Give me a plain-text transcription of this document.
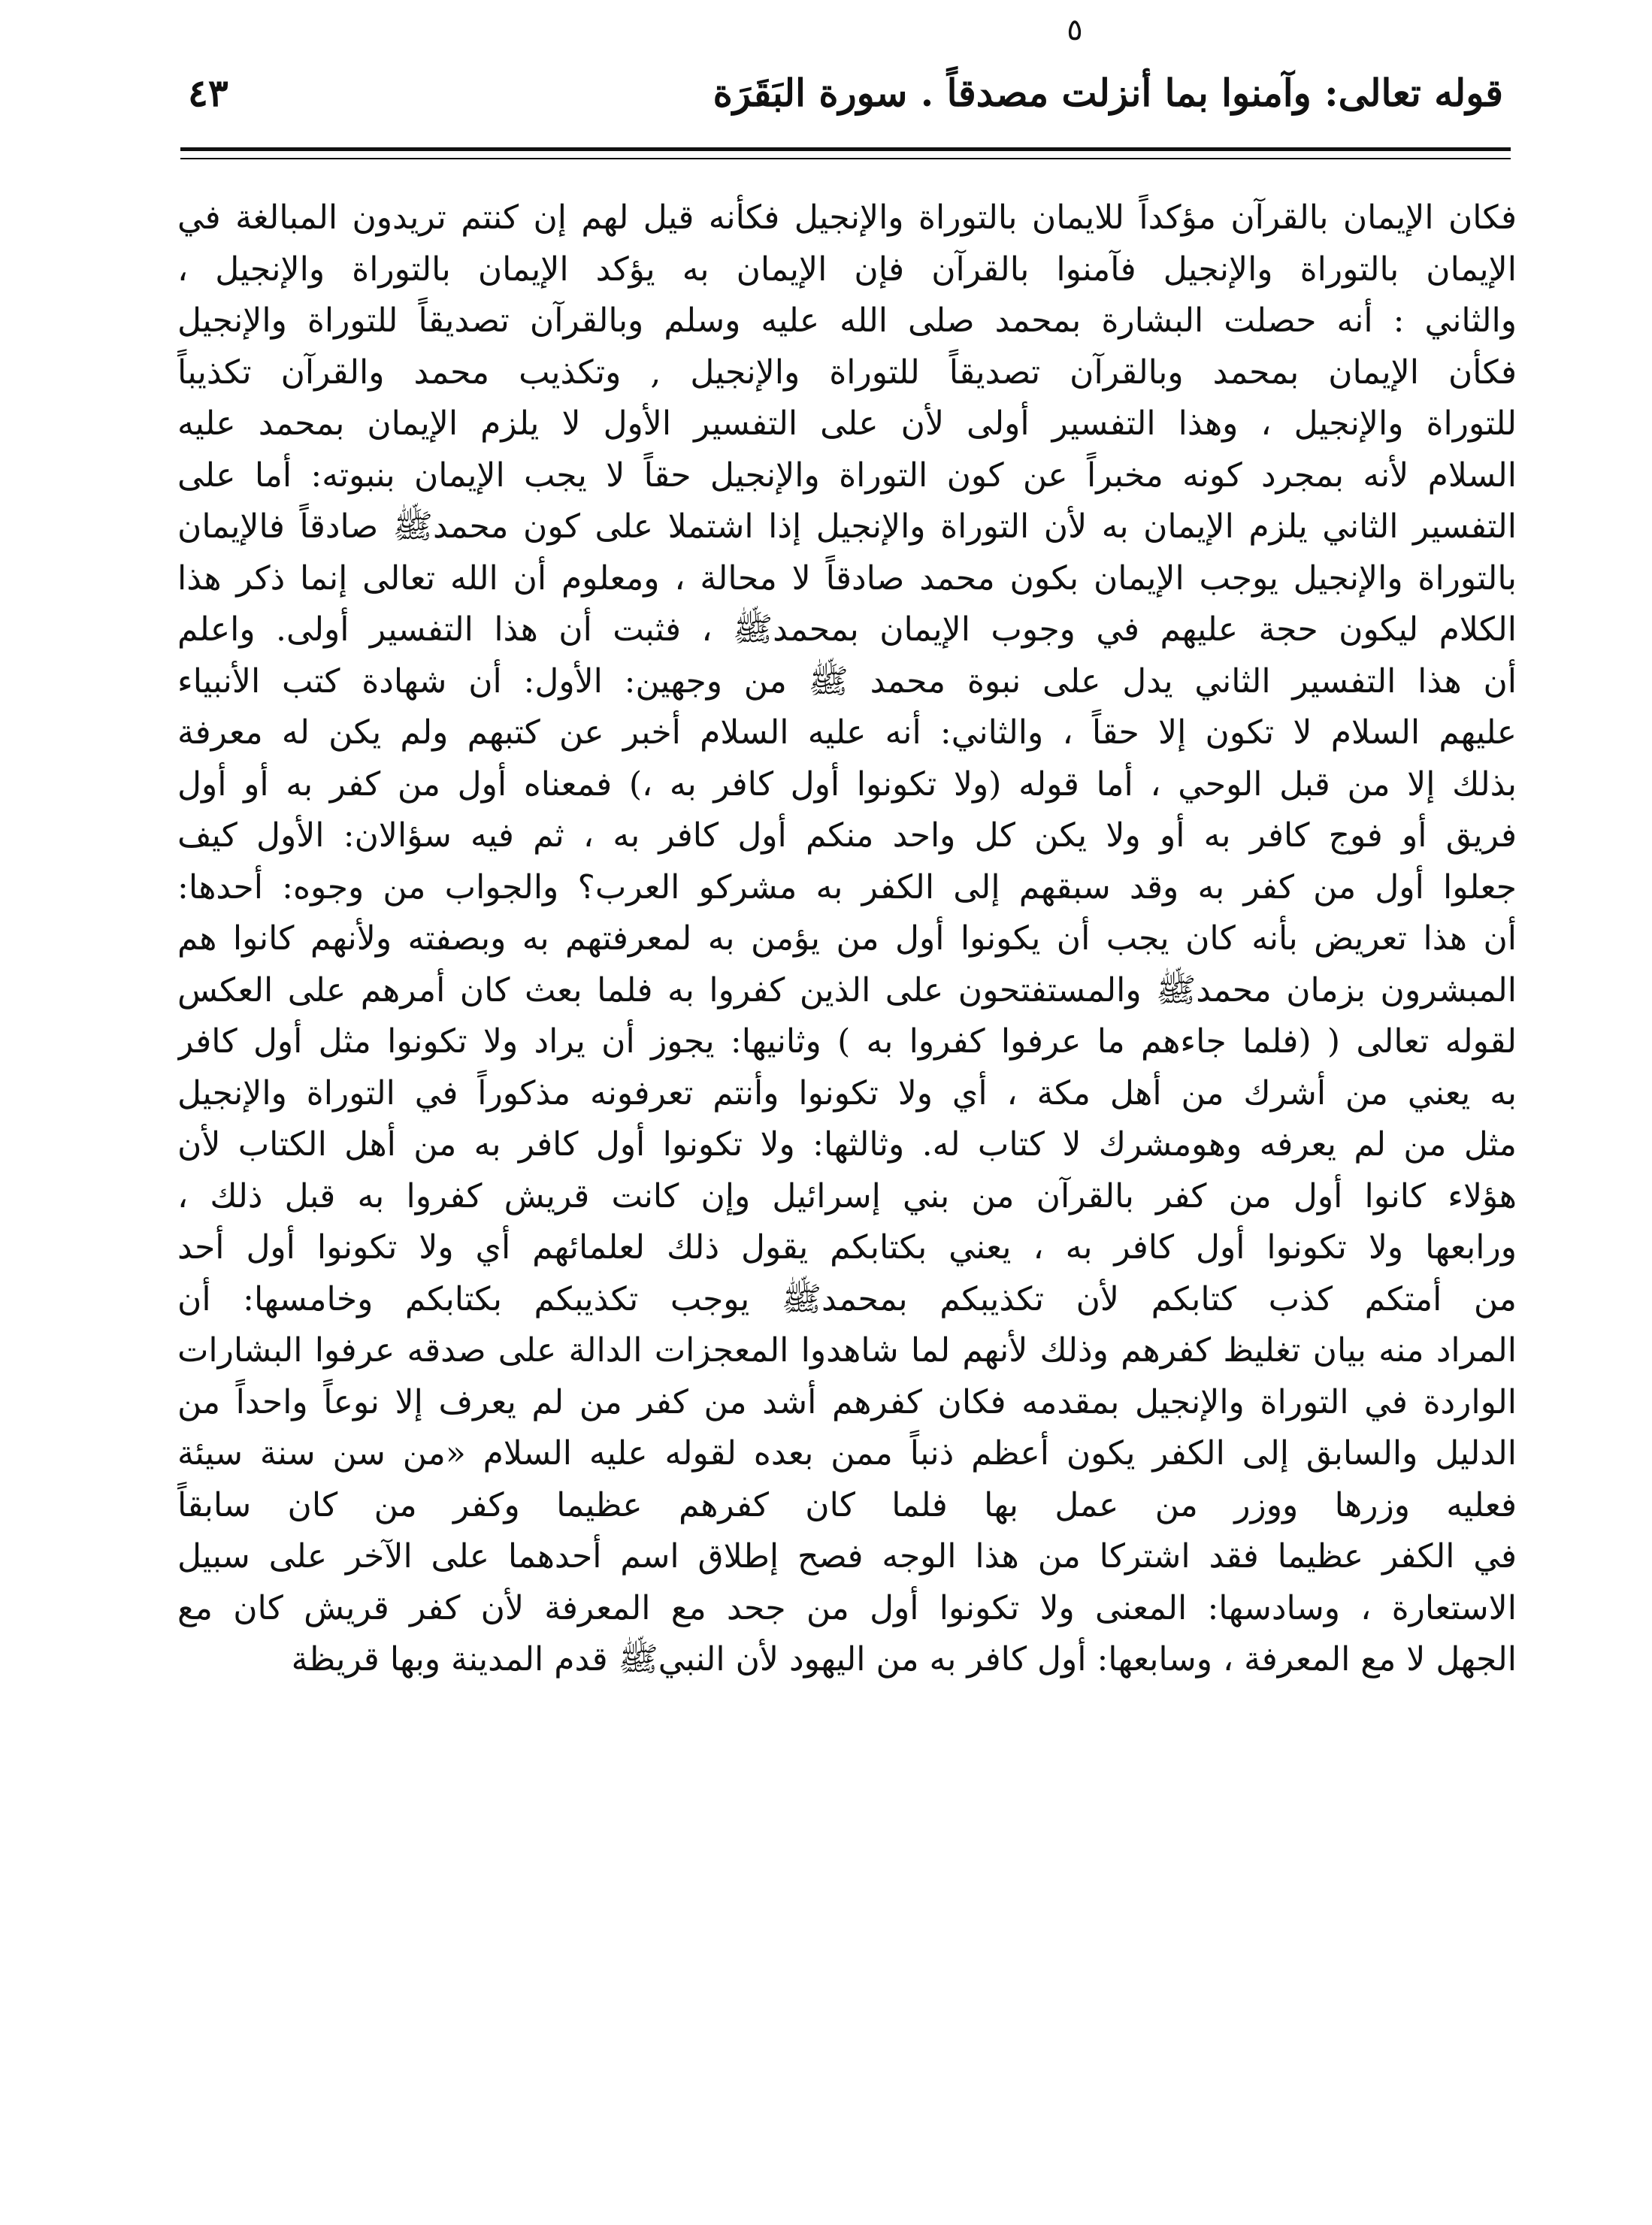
٥
قوله تعالى: وآمنوا بما أنزلت مصدقاً . سورة البَقَرَة
٤٣
فكان الإيمان بالقرآن مؤكداً للايمان بالتوراة والإنجيل فكأنه قيل لهم إن كنتم تريدون المبالغة في
الإيمان بالتوراة والإنجيل فآمنوا بالقرآن فإن الإيمان به يؤكد الإيمان بالتوراة والإنجيل ،
والثاني : أنه حصلت البشارة بمحمد صلى الله عليه وسلم وبالقرآن تصديقاً للتوراة والإنجيل
فكأن الإيمان بمحمد وبالقرآن تصديقاً للتوراة والإنجيل , وتكذيب محمد والقرآن تكذيباً
للتوراة والإنجيل ، وهذا التفسير أولى لأن على التفسير الأول لا يلزم الإيمان بمحمد عليه
السلام لأنه بمجرد كونه مخبراً عن كون التوراة والإنجيل حقاً لا يجب الإيمان بنبوته: أما على
التفسير الثاني يلزم الإيمان به لأن التوراة والإنجيل إذا اشتملا على كون محمدﷺ صادقاً فالإيمان
بالتوراة والإنجيل يوجب الإيمان بكون محمد صادقاً لا محالة ، ومعلوم أن الله تعالى إنما ذكر هذا
الكلام ليكون حجة عليهم في وجوب الإيمان بمحمدﷺ ، فثبت أن هذا التفسير أولى. واعلم
أن هذا التفسير الثاني يدل على نبوة محمد ﷺ من وجهين: الأول: أن شهادة كتب الأنبياء
عليهم السلام لا تكون إلا حقاً ، والثاني: أنه عليه السلام أخبر عن كتبهم ولم يكن له معرفة
بذلك إلا من قبل الوحي ، أما قوله (ولا تكونوا أول كافر به ،) فمعناه أول من كفر به أو أول
فريق أو فوج كافر به أو ولا يكن كل واحد منكم أول كافر به ، ثم فيه سؤالان: الأول كيف
جعلوا أول من كفر به وقد سبقهم إلى الكفر به مشركو العرب؟ والجواب من وجوه: أحدها:
أن هذا تعريض بأنه كان يجب أن يكونوا أول من يؤمن به لمعرفتهم به وبصفته ولأنهم كانوا هم
المبشرون بزمان محمدﷺ والمستفتحون على الذين كفروا به فلما بعث كان أمرهم على العكس
لقوله تعالى ( (فلما جاءهم ما عرفوا كفروا به ) وثانيها: يجوز أن يراد ولا تكونوا مثل أول كافر
به يعني من أشرك من أهل مكة ، أي ولا تكونوا وأنتم تعرفونه مذكوراً في التوراة والإنجيل
مثل من لم يعرفه وهومشرك لا كتاب له. وثالثها: ولا تكونوا أول كافر به من أهل الكتاب لأن
هؤلاء كانوا أول من كفر بالقرآن من بني إسرائيل وإن كانت قريش كفروا به قبل ذلك ،
ورابعها ولا تكونوا أول كافر به ، يعني بكتابكم يقول ذلك لعلمائهم أي ولا تكونوا أول أحد
من أمتكم كذب كتابكم لأن تكذيبكم بمحمدﷺ يوجب تكذيبكم بكتابكم وخامسها: أن
المراد منه بيان تغليظ كفرهم وذلك لأنهم لما شاهدوا المعجزات الدالة على صدقه عرفوا البشارات
الواردة في التوراة والإنجيل بمقدمه فكان كفرهم أشد من كفر من لم يعرف إلا نوعاً واحداً من
الدليل والسابق إلى الكفر يكون أعظم ذنباً ممن بعده لقوله عليه السلام «من سن سنة سيئة
فعليه وزرها ووزر من عمل بها فلما كان كفرهم عظيما وكفر من كان سابقاً
في الكفر عظيما فقد اشتركا من هذا الوجه فصح إطلاق اسم أحدهما على الآخر على سبيل
الاستعارة ، وسادسها: المعنى ولا تكونوا أول من جحد مع المعرفة لأن كفر قريش كان مع
الجهل لا مع المعرفة ، وسابعها: أول كافر به من اليهود لأن النبيﷺ قدم المدينة وبها قريظة
